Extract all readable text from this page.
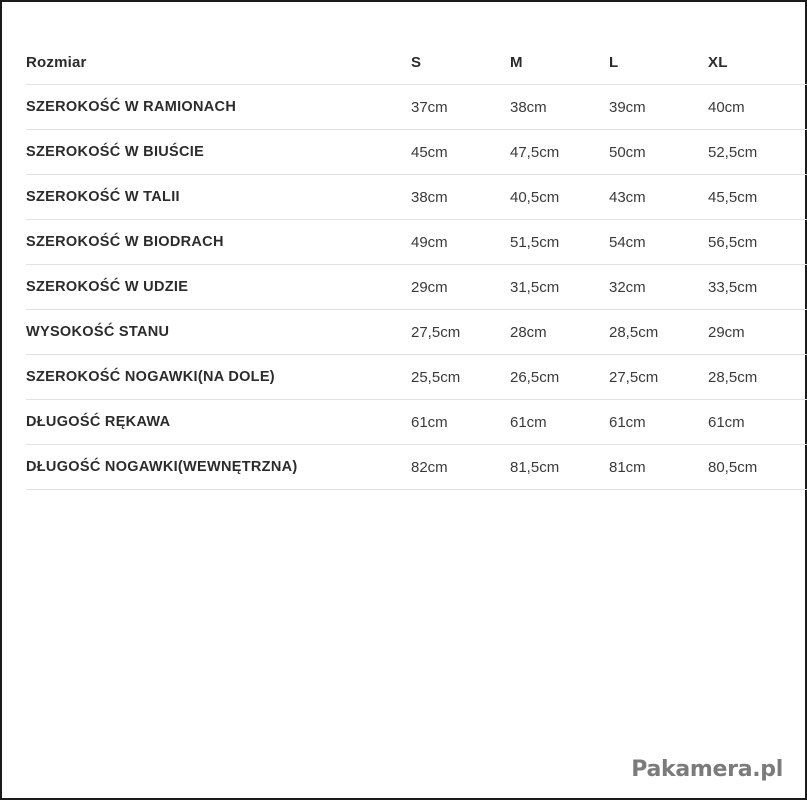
Rozmiar	S	M	L	XL
SZEROKOŚĆ W RAMIONACH	37cm	38cm	39cm	40cm
SZEROKOŚĆ W BIUŚCIE	45cm	47,5cm	50cm	52,5cm
SZEROKOŚĆ W TALII	38cm	40,5cm	43cm	45,5cm
SZEROKOŚĆ W BIODRACH	49cm	51,5cm	54cm	56,5cm
SZEROKOŚĆ W UDZIE	29cm	31,5cm	32cm	33,5cm
WYSOKOŚĆ STANU	27,5cm	28cm	28,5cm	29cm
SZEROKOŚĆ NOGAWKI(NA DOLE)	25,5cm	26,5cm	27,5cm	28,5cm
DŁUGOŚĆ RĘKAWA	61cm	61cm	61cm	61cm
DŁUGOŚĆ NOGAWKI(WEWNĘTRZNA)	82cm	81,5cm	81cm	80,5cm
Pakamera.pl
